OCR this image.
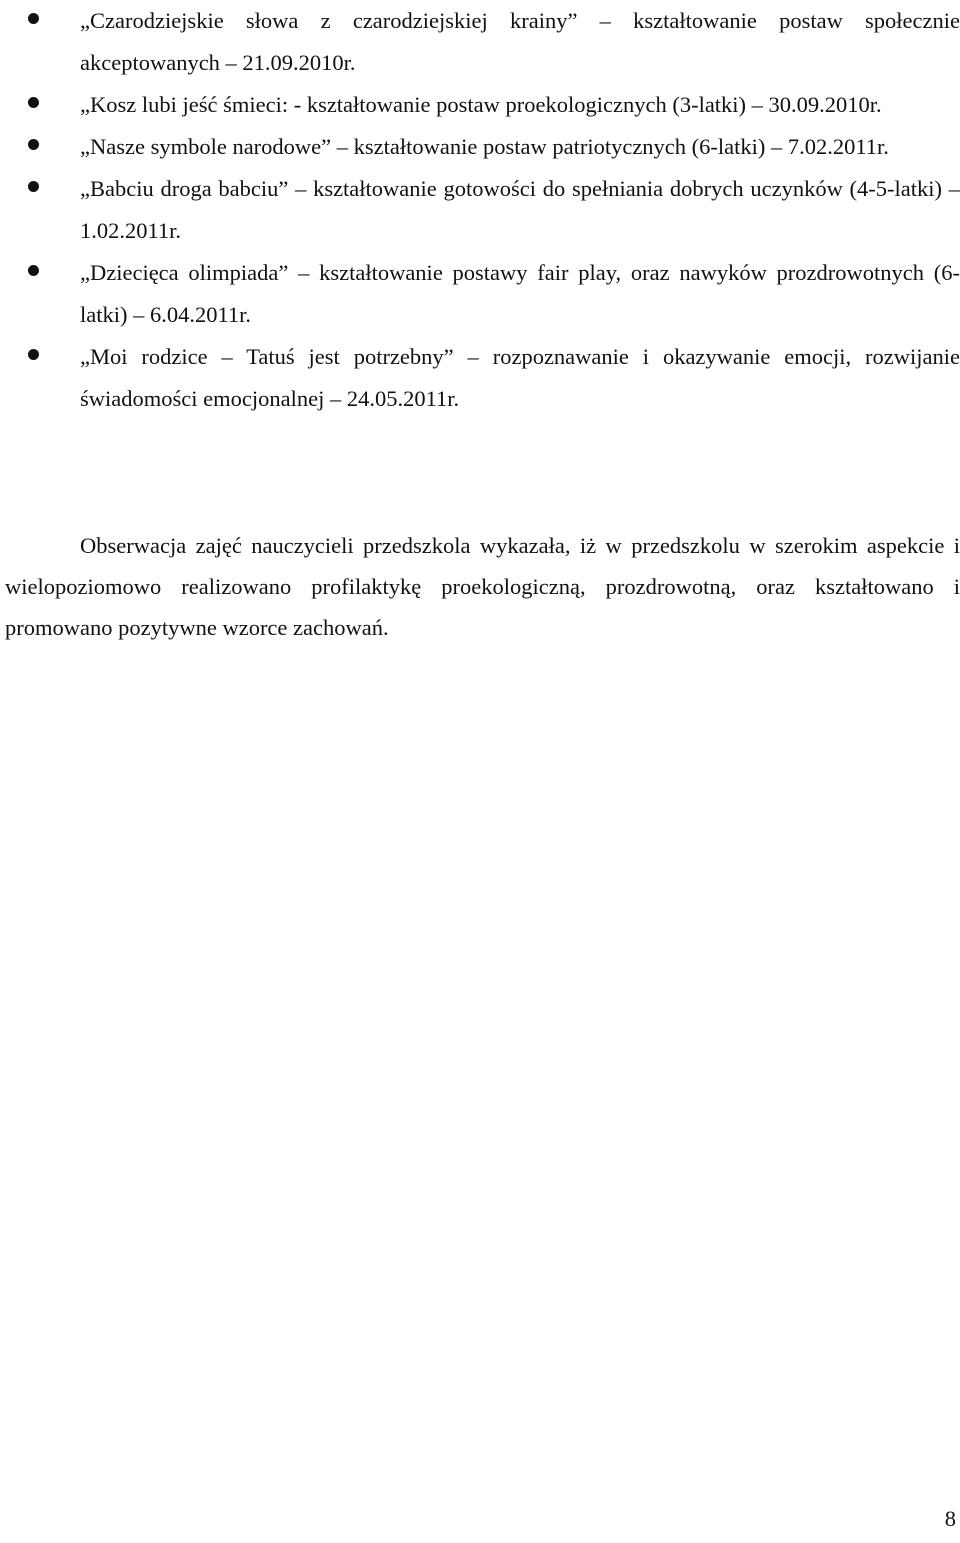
„Czarodziejskie słowa z czarodziejskiej krainy” – kształtowanie postaw społecznie akceptowanych – 21.09.2010r.
„Kosz lubi jeść śmieci: - kształtowanie postaw proekologicznych (3-latki) – 30.09.2010r.
„Nasze symbole narodowe” – kształtowanie postaw patriotycznych (6-latki) – 7.02.2011r.
„Babciu droga babciu” – kształtowanie gotowości do spełniania dobrych uczynków (4-5-latki) – 1.02.2011r.
„Dziecięca olimpiada” – kształtowanie postawy fair play, oraz nawyków prozdrowotnych (6-latki) – 6.04.2011r.
„Moi rodzice – Tatuś jest potrzebny” – rozpoznawanie i okazywanie emocji, rozwijanie świadomości emocjonalnej – 24.05.2011r.

Obserwacja zajęć nauczycieli przedszkola wykazała, iż w przedszkolu w szerokim aspekcie i wielopoziomowo realizowano profilaktykę proekologiczną, prozdrowotną, oraz kształtowano i promowano pozytywne wzorce zachowań.

8
